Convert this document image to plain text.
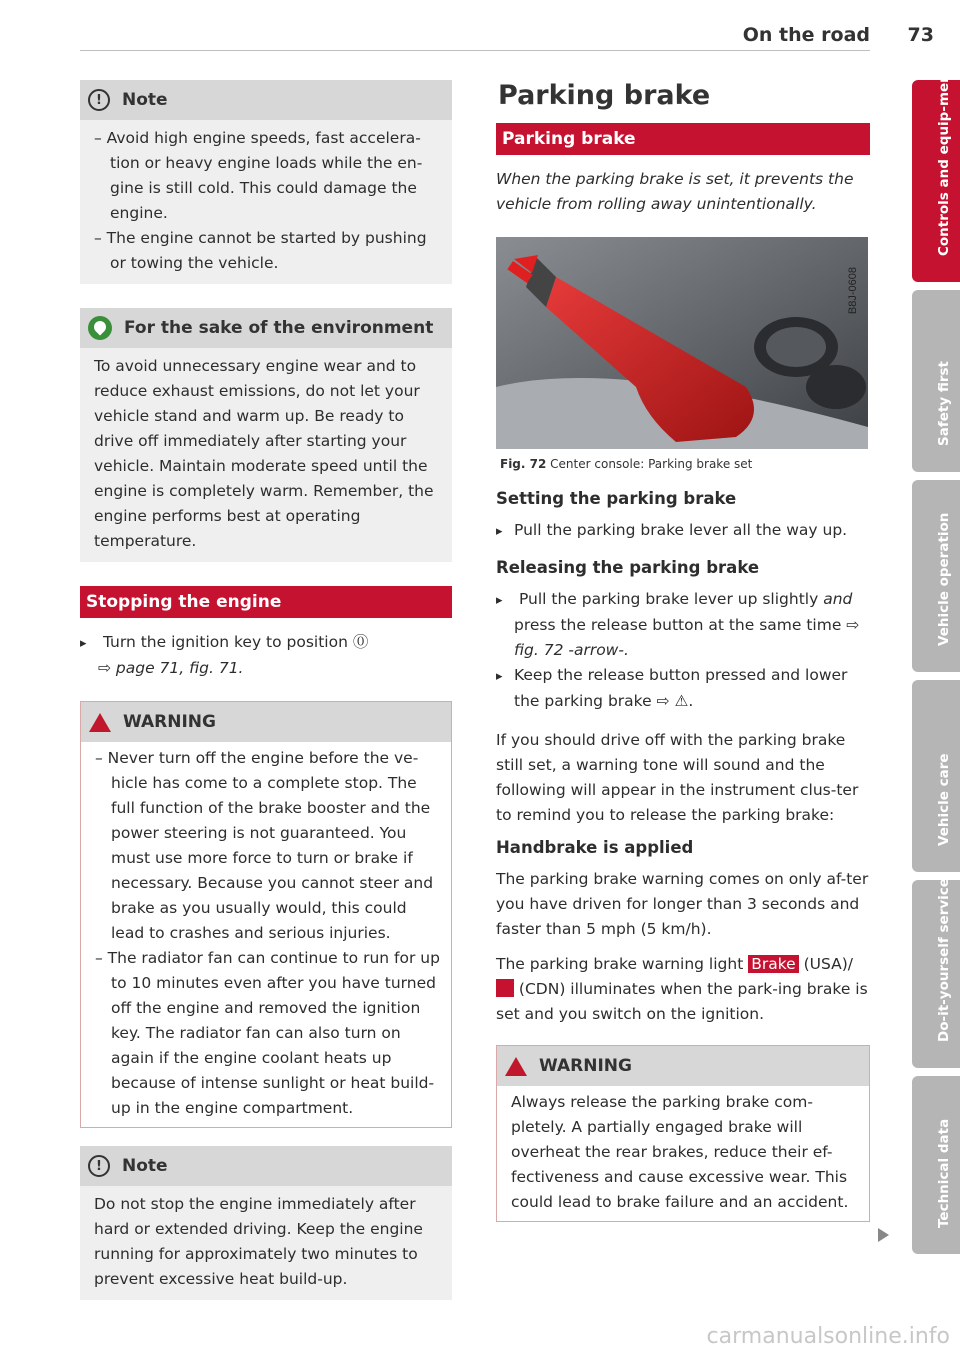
On the road 73
!	Note

– Avoid high engine speeds, fast accelera-tion or heavy engine loads while the en-gine is still cold. This could damage the engine.

– The engine cannot be started by pushing or towing the vehicle.

For the sake of the environment
To avoid unnecessary engine wear and to reduce exhaust emissions, do not let your vehicle stand and warm up. Be ready to drive off immediately after starting your vehicle. Maintain moderate speed until the engine is completely warm. Remember, the engine performs best at operating temperature.
Stopping the engine

▸ Turn the ignition key to position ⓪
⇨ page 71, fig. 71.

WARNING

– Never turn off the engine before the ve-hicle has come to a complete stop. The full function of the brake booster and the power steering is not guaranteed. You must use more force to turn or brake if necessary. Because you cannot steer and brake as you usually would, this could lead to crashes and serious injuries.

– The radiator fan can continue to run for up to 10 minutes even after you have turned off the engine and removed the ignition key. The radiator fan can also turn on again if the engine coolant heats up because of intense sunlight or heat build-up in the engine compartment.

!	Note
Do not stop the engine immediately after hard or extended driving. Keep the engine running for approximately two minutes to prevent excessive heat build-up.
Parking brake
Parking brake

When the parking brake is set, it prevents the vehicle from rolling away unintentionally.

B8J-0608
Fig. 72 Center console: Parking brake set
Setting the parking brake

▸ Pull the parking brake lever all the way up.

Releasing the parking brake

▸ Pull the parking brake lever up slightly and press the release button at the same time ⇨ fig. 72 -arrow-.

▸ Keep the release button pressed and lower the parking brake ⇨ ⚠.

If you should drive off with the parking brake still set, a warning tone will sound and the following will appear in the instrument clus-ter to remind you to release the parking brake:

Handbrake is applied

The parking brake warning comes on only af-ter you have driven for longer than 3 seconds and faster than 5 mph (5 km/h).

The parking brake warning light Brake (USA)/  (CDN) illuminates when the park-ing brake is set and you switch on the ignition.

WARNING
Always release the parking brake com-pletely. A partially engaged brake will overheat the rear brakes, reduce their ef-fectiveness and cause excessive wear. This could lead to brake failure and an accident.
Controls and equip-ment
Safety first
Vehicle operation
Vehicle care
Do-it-yourself service
Technical data
carmanualsonline.info
